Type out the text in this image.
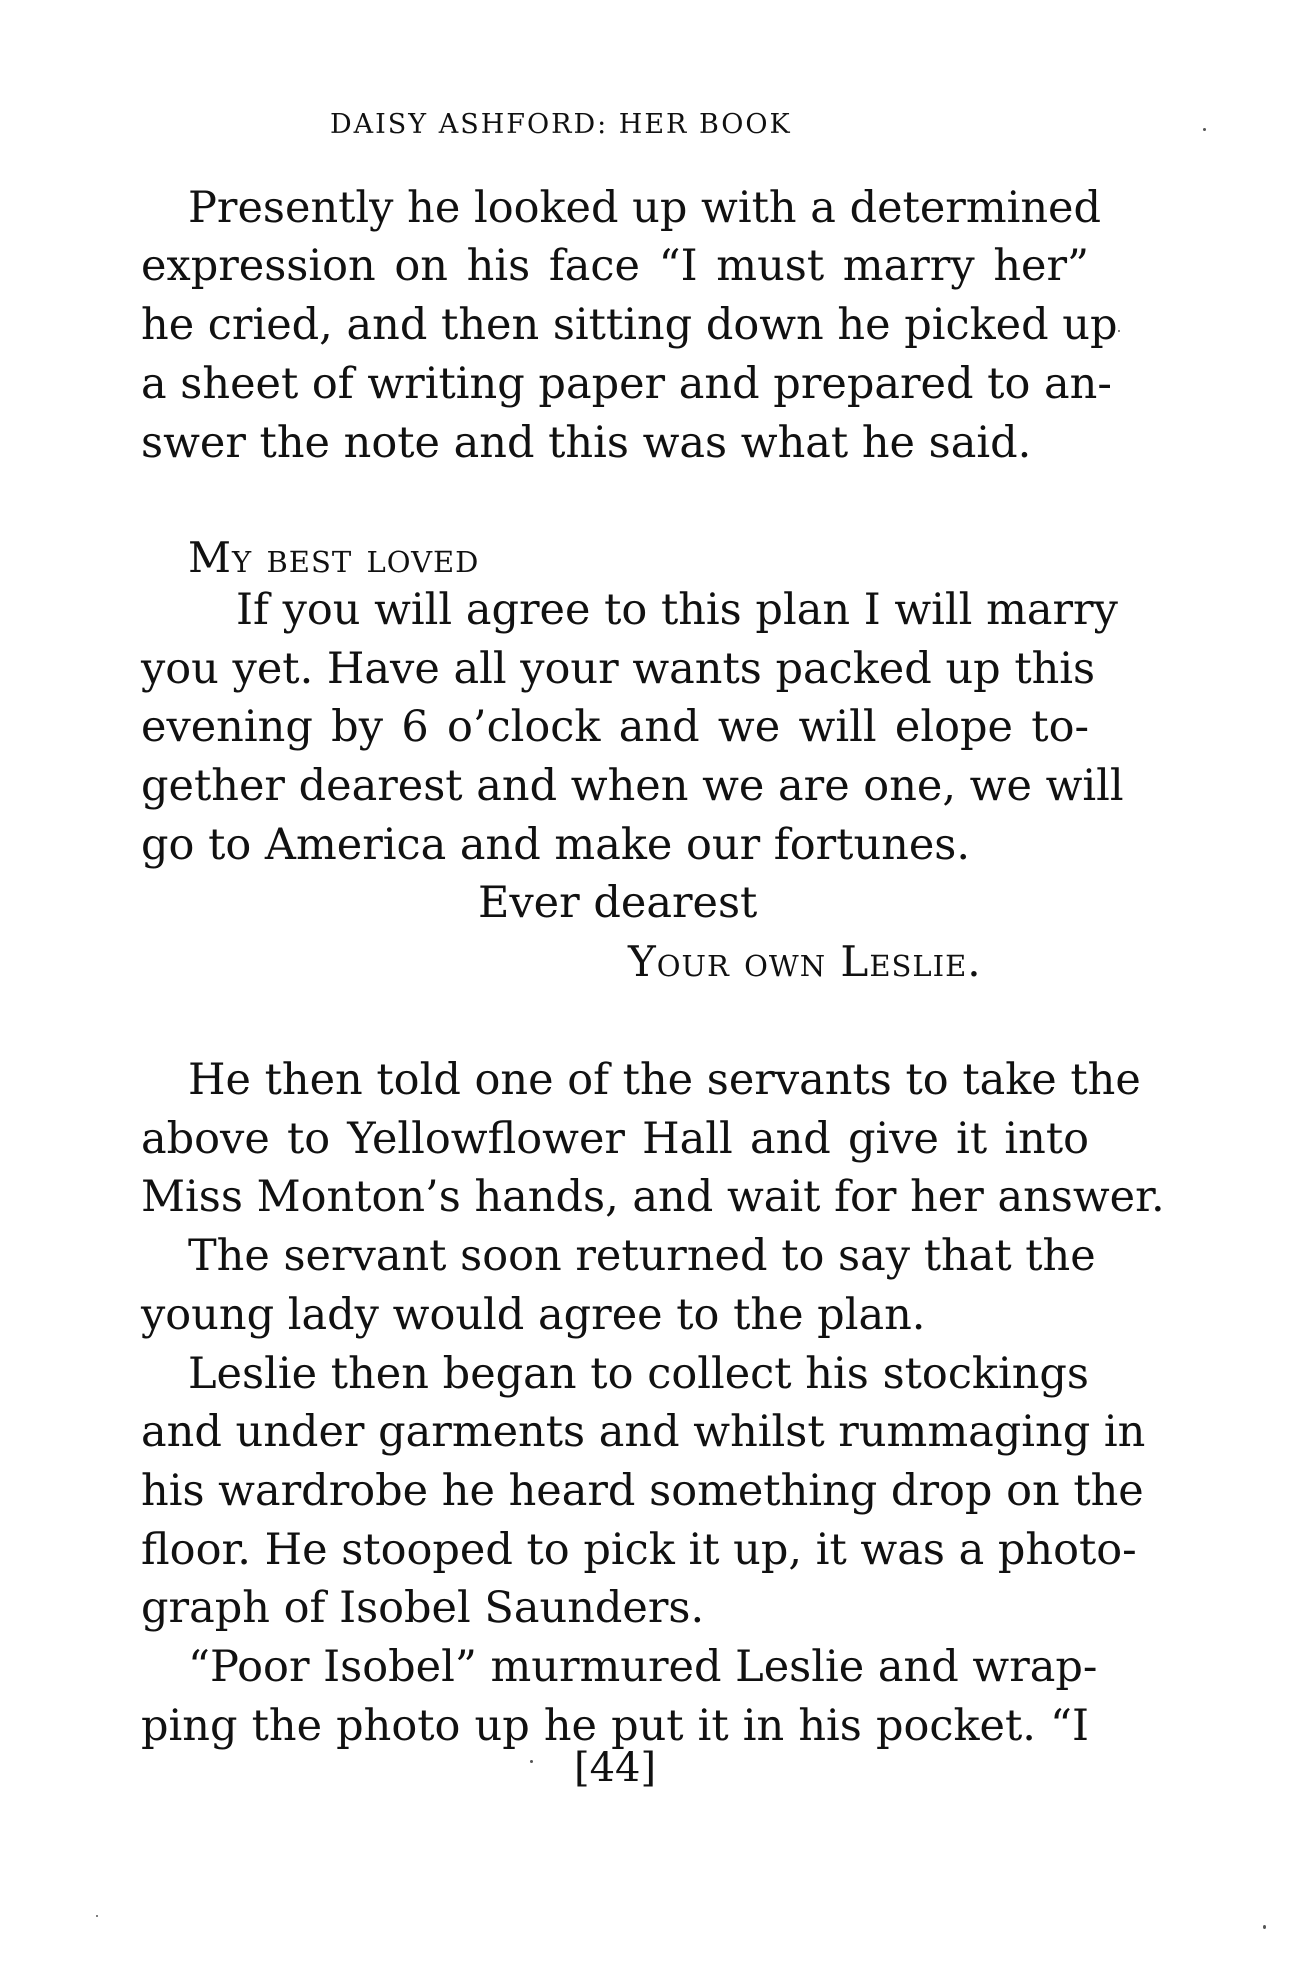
DAISY ASHFORD: HER BOOK
Presently he looked up with a determined
expression on his face “I must marry her”
he cried, and then sitting down he picked up
a sheet of writing paper and prepared to an-
swer the note and this was what he said.
My best loved
If you will agree to this plan I will marry
you yet. Have all your wants packed up this
evening by 6 o’clock and we will elope to-
gether dearest and when we are one, we will
go to America and make our fortunes.
Ever dearest
Your own Leslie.
He then told one of the servants to take the
above to Yellowflower Hall and give it into
Miss Monton’s hands, and wait for her answer.
The servant soon returned to say that the
young lady would agree to the plan.
Leslie then began to collect his stockings
and under garments and whilst rummaging in
his wardrobe he heard something drop on the
floor. He stooped to pick it up, it was a photo-
graph of Isobel Saunders.
“Poor Isobel” murmured Leslie and wrap-
ping the photo up he put it in his pocket. “I
[44]
